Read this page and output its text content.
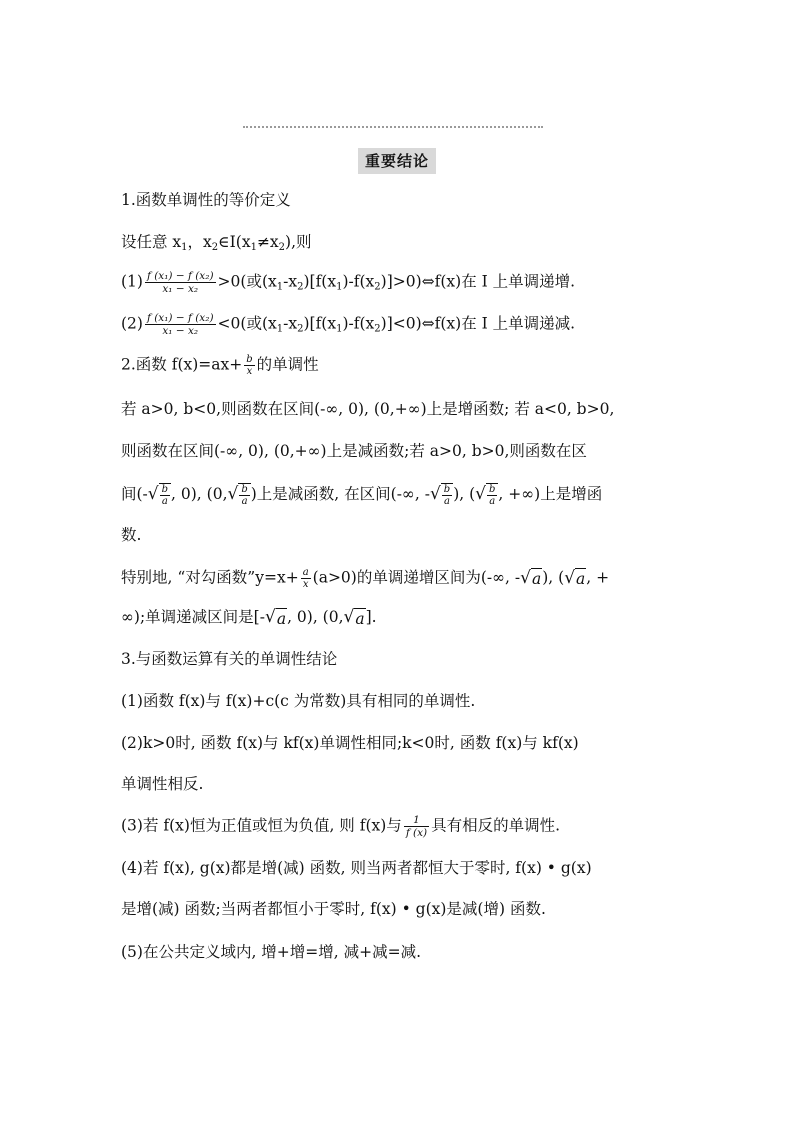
重要结论
1.函数单调性的等价定义
设任意 $x_1$，$x_2\in I(x_1\ne x_2)$,则
$(1) \frac{\text{f (x₁) − f (x₂)}}{\text{x₁ − x₂}} >0$(或$(x_1-x_2)[f(x_1)-f(x_2)]>0)\Leftrightarrow f(x)$在 I 上单调递增.
$(2) \frac{\text{f (x₁) − f (x₂)}}{\text{x₁ − x₂}} <0$(或$(x_1-x_2)[f(x_1)-f(x_2)]<0)\Leftrightarrow f(x)$在 I 上单调递减.
2.函数 $f(x)=ax+ \frac{b}{x}$ 的单调性
若 a>0, b<0,则函数在区间(-∞, 0), (0,+∞)上是增函数; 若 a<0, b>0,
则函数在区间(-∞, 0), (0,+∞)上是减函数;若 a>0, b>0,则函数在区
间(-√ $\frac{b}{a}$ , 0), ($0,√ \frac{b}{a}$ )上是减函数, 在区间(-∞, -√ $\frac{b}{a}$ ), (√ $\frac{b}{a}$ , +∞)上是增函
数.
特别地, “对勾函数”y=x+ $\frac{a}{x} (a>0)$的单调递增区间为(-∞, -√a), (√a, +
∞);单调递减区间是[-√a, 0), (0,√a].
3.与函数运算有关的单调性结论
(1)函数 f(x)与 f(x)+c(c 为常数)具有相同的单调性.
(2)k>0时, 函数 f(x)与 kf(x)单调性相同;k<0时, 函数 f(x)与 kf(x)
单调性相反.
(3)若 f(x)恒为正值或恒为负值, 则 f(x)与 $\frac{1}{f (x)}$ 具有相反的单调性.
(4)若 f(x), g(x)都是增(减) 函数, 则当两者都恒大于零时, f(x) • g(x)
是增(减) 函数;当两者都恒小于零时, f(x) • g(x)是减(增) 函数.
(5)在公共定义域内, 增+增=增, 减+减=减.
